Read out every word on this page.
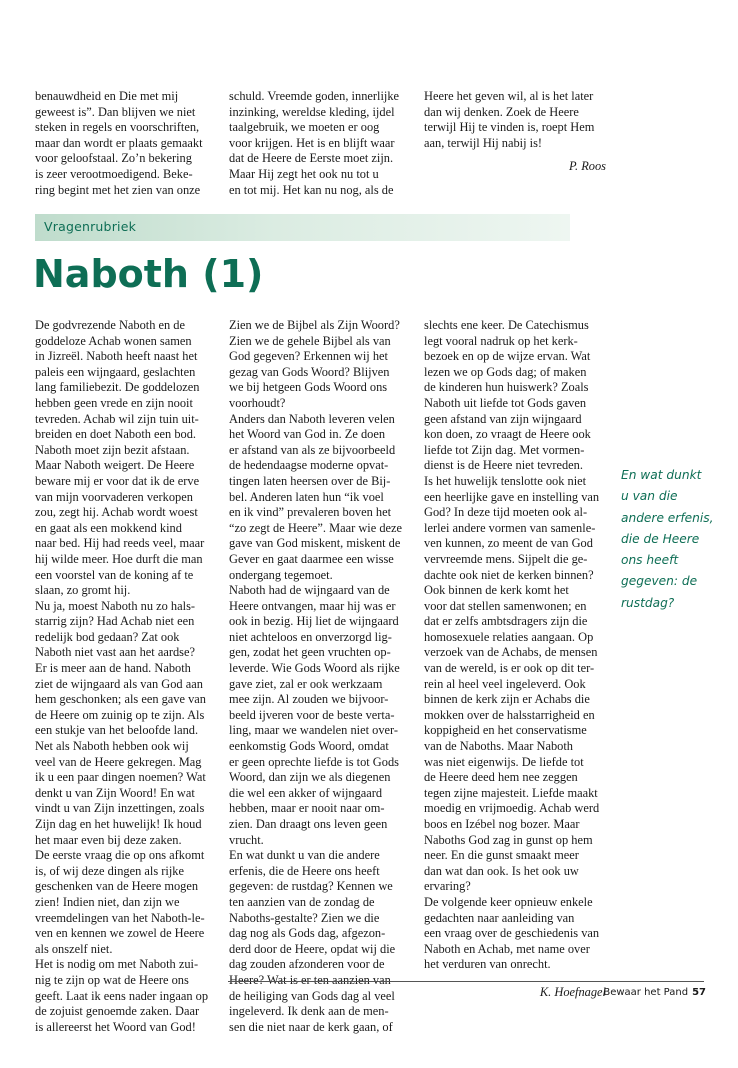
benauwdheid en Die met mij
geweest is”. Dan blijven we niet
steken in regels en voorschriften,
maar dan wordt er plaats gemaakt
voor geloofstaal. Zo’n bekering
is zeer verootmoedigend. Beke-
ring begint met het zien van onze
schuld. Vreemde goden, innerlijke
inzinking, wereldse kleding, ijdel
taalgebruik, we moeten er oog
voor krijgen. Het is en blijft waar
dat de Heere de Eerste moet zijn.
Maar Hij zegt het ook nu tot u
en tot mij. Het kan nu nog, als de
Heere het geven wil, al is het later
dan wij denken. Zoek de Heere
terwijl Hij te vinden is, roept Hem
aan, terwijl Hij nabij is!
P. Roos
Vragenrubriek
Naboth (1)
De godvrezende Naboth en de
goddeloze Achab wonen samen
in Jizreël. Naboth heeft naast het
paleis een wijngaard, geslachten
lang familiebezit. De goddelozen
hebben geen vrede en zijn nooit
tevreden. Achab wil zijn tuin uit-
breiden en doet Naboth een bod.
Naboth moet zijn bezit afstaan.
Maar Naboth weigert. De Heere
beware mij er voor dat ik de erve
van mijn voorvaderen verkopen
zou, zegt hij. Achab wordt woest
en gaat als een mokkend kind
naar bed. Hij had reeds veel, maar
hij wilde meer. Hoe durft die man
een voorstel van de koning af te
slaan, zo gromt hij.
Nu ja, moest Naboth nu zo hals-
starrig zijn? Had Achab niet een
redelijk bod gedaan? Zat ook
Naboth niet vast aan het aardse?
Er is meer aan de hand. Naboth
ziet de wijngaard als van God aan
hem geschonken; als een gave van
de Heere om zuinig op te zijn. Als
een stukje van het beloofde land.
Net als Naboth hebben ook wij
veel van de Heere gekregen. Mag
ik u een paar dingen noemen? Wat
denkt u van Zijn Woord! En wat
vindt u van Zijn inzettingen, zoals
Zijn dag en het huwelijk! Ik houd
het maar even bij deze zaken.
De eerste vraag die op ons afkomt
is, of wij deze dingen als rijke
geschenken van de Heere mogen
zien! Indien niet, dan zijn we
vreemdelingen van het Naboth-le-
ven en kennen we zowel de Heere
als onszelf niet.
Het is nodig om met Naboth zui-
nig te zijn op wat de Heere ons
geeft. Laat ik eens nader ingaan op
de zojuist genoemde zaken. Daar
is allereerst het Woord van God!
Zien we de Bijbel als Zijn Woord?
Zien we de gehele Bijbel als van
God gegeven? Erkennen wij het
gezag van Gods Woord? Blijven
we bij hetgeen Gods Woord ons
voorhoudt?
Anders dan Naboth leveren velen
het Woord van God in. Ze doen
er afstand van als ze bijvoorbeeld
de hedendaagse moderne opvat-
tingen laten heersen over de Bij-
bel. Anderen laten hun “ik voel
en ik vind” prevaleren boven het
“zo zegt de Heere”. Maar wie deze
gave van God miskent, miskent de
Gever en gaat daarmee een wisse
ondergang tegemoet.
Naboth had de wijngaard van de
Heere ontvangen, maar hij was er
ook in bezig. Hij liet de wijngaard
niet achteloos en onverzorgd lig-
gen, zodat het geen vruchten op-
leverde. Wie Gods Woord als rijke
gave ziet, zal er ook werkzaam
mee zijn. Al zouden we bijvoor-
beeld ijveren voor de beste verta-
ling, maar we wandelen niet over-
eenkomstig Gods Woord, omdat
er geen oprechte liefde is tot Gods
Woord, dan zijn we als diegenen
die wel een akker of wijngaard
hebben, maar er nooit naar om-
zien. Dan draagt ons leven geen
vrucht.
En wat dunkt u van die andere
erfenis, die de Heere ons heeft
gegeven: de rustdag? Kennen we
ten aanzien van de zondag de
Naboths-gestalte? Zien we die
dag nog als Gods dag, afgezon-
derd door de Heere, opdat wij die
dag zouden afzonderen voor de
Heere? Wat is er ten aanzien van
de heiliging van Gods dag al veel
ingeleverd. Ik denk aan de men-
sen die niet naar de kerk gaan, of
slechts ene keer. De Catechismus
legt vooral nadruk op het kerk-
bezoek en op de wijze ervan. Wat
lezen we op Gods dag; of maken
de kinderen hun huiswerk? Zoals
Naboth uit liefde tot Gods gaven
geen afstand van zijn wijngaard
kon doen, zo vraagt de Heere ook
liefde tot Zijn dag. Met vormen-
dienst is de Heere niet tevreden.
Is het huwelijk tenslotte ook niet
een heerlijke gave en instelling van
God? In deze tijd moeten ook al-
lerlei andere vormen van samenle-
ven kunnen, zo meent de van God
vervreemde mens. Sijpelt die ge-
dachte ook niet de kerken binnen?
Ook binnen de kerk komt het
voor dat stellen samenwonen; en
dat er zelfs ambtsdragers zijn die
homosexuele relaties aangaan. Op
verzoek van de Achabs, de mensen
van de wereld, is er ook op dit ter-
rein al heel veel ingeleverd. Ook
binnen de kerk zijn er Achabs die
mokken over de halsstarrigheid en
koppigheid en het conservatisme
van de Naboths. Maar Naboth
was niet eigenwijs. De liefde tot
de Heere deed hem nee zeggen
tegen zijne majesteit. Liefde maakt
moedig en vrijmoedig. Achab werd
boos en Izébel nog bozer. Maar
Naboths God zag in gunst op hem
neer. En die gunst smaakt meer
dan wat dan ook. Is het ook uw
ervaring?
De volgende keer opnieuw enkele
gedachten naar aanleiding van
een vraag over de geschiedenis van
Naboth en Achab, met name over
het verduren van onrecht.
K. Hoefnagel
En wat dunkt
u van die
andere erfenis,
die de Heere
ons heeft
gegeven: de
rustdag?
Bewaar het Pand 57
